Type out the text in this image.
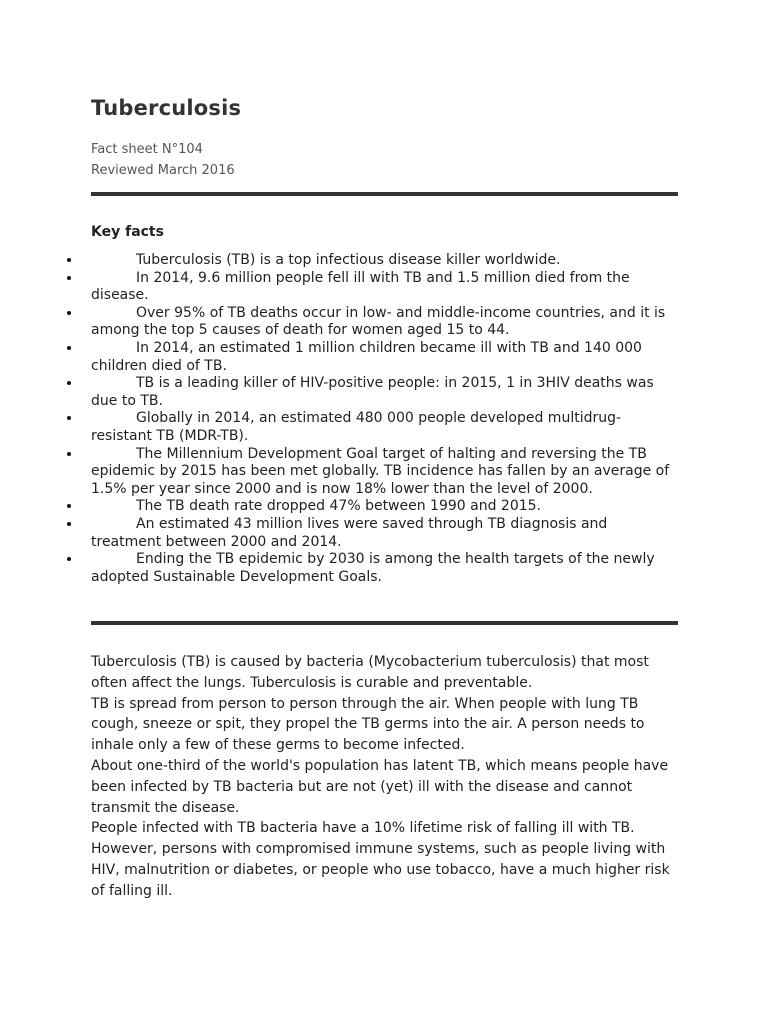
Tuberculosis
Fact sheet N°104
Reviewed March 2016
Key facts
Tuberculosis (TB) is a top infectious disease killer worldwide.
In 2014, 9.6 million people fell ill with TB and 1.5 million died from the disease.
Over 95% of TB deaths occur in low- and middle-income countries, and it is among the top 5 causes of death for women aged 15 to 44.
In 2014, an estimated 1 million children became ill with TB and 140 000 children died of TB.
TB is a leading killer of HIV-positive people: in 2015, 1 in 3HIV deaths was due to TB.
Globally in 2014, an estimated 480 000 people developed multidrug-resistant TB (MDR-TB).
The Millennium Development Goal target of halting and reversing the TB epidemic by 2015 has been met globally. TB incidence has fallen by an average of 1.5% per year since 2000 and is now 18% lower than the level of 2000.
The TB death rate dropped 47% between 1990 and 2015.
An estimated 43 million lives were saved through TB diagnosis and treatment between 2000 and 2014.
Ending the TB epidemic by 2030 is among the health targets of the newly adopted Sustainable Development Goals.

Tuberculosis (TB) is caused by bacteria (Mycobacterium tuberculosis) that most often affect the lungs. Tuberculosis is curable and preventable.

TB is spread from person to person through the air. When people with lung TB cough, sneeze or spit, they propel the TB germs into the air. A person needs to inhale only a few of these germs to become infected.

About one-third of the world's population has latent TB, which means people have been infected by TB bacteria but are not (yet) ill with the disease and cannot transmit the disease.

People infected with TB bacteria have a 10% lifetime risk of falling ill with TB. However, persons with compromised immune systems, such as people living with HIV, malnutrition or diabetes, or people who use tobacco, have a much higher risk of falling ill.
